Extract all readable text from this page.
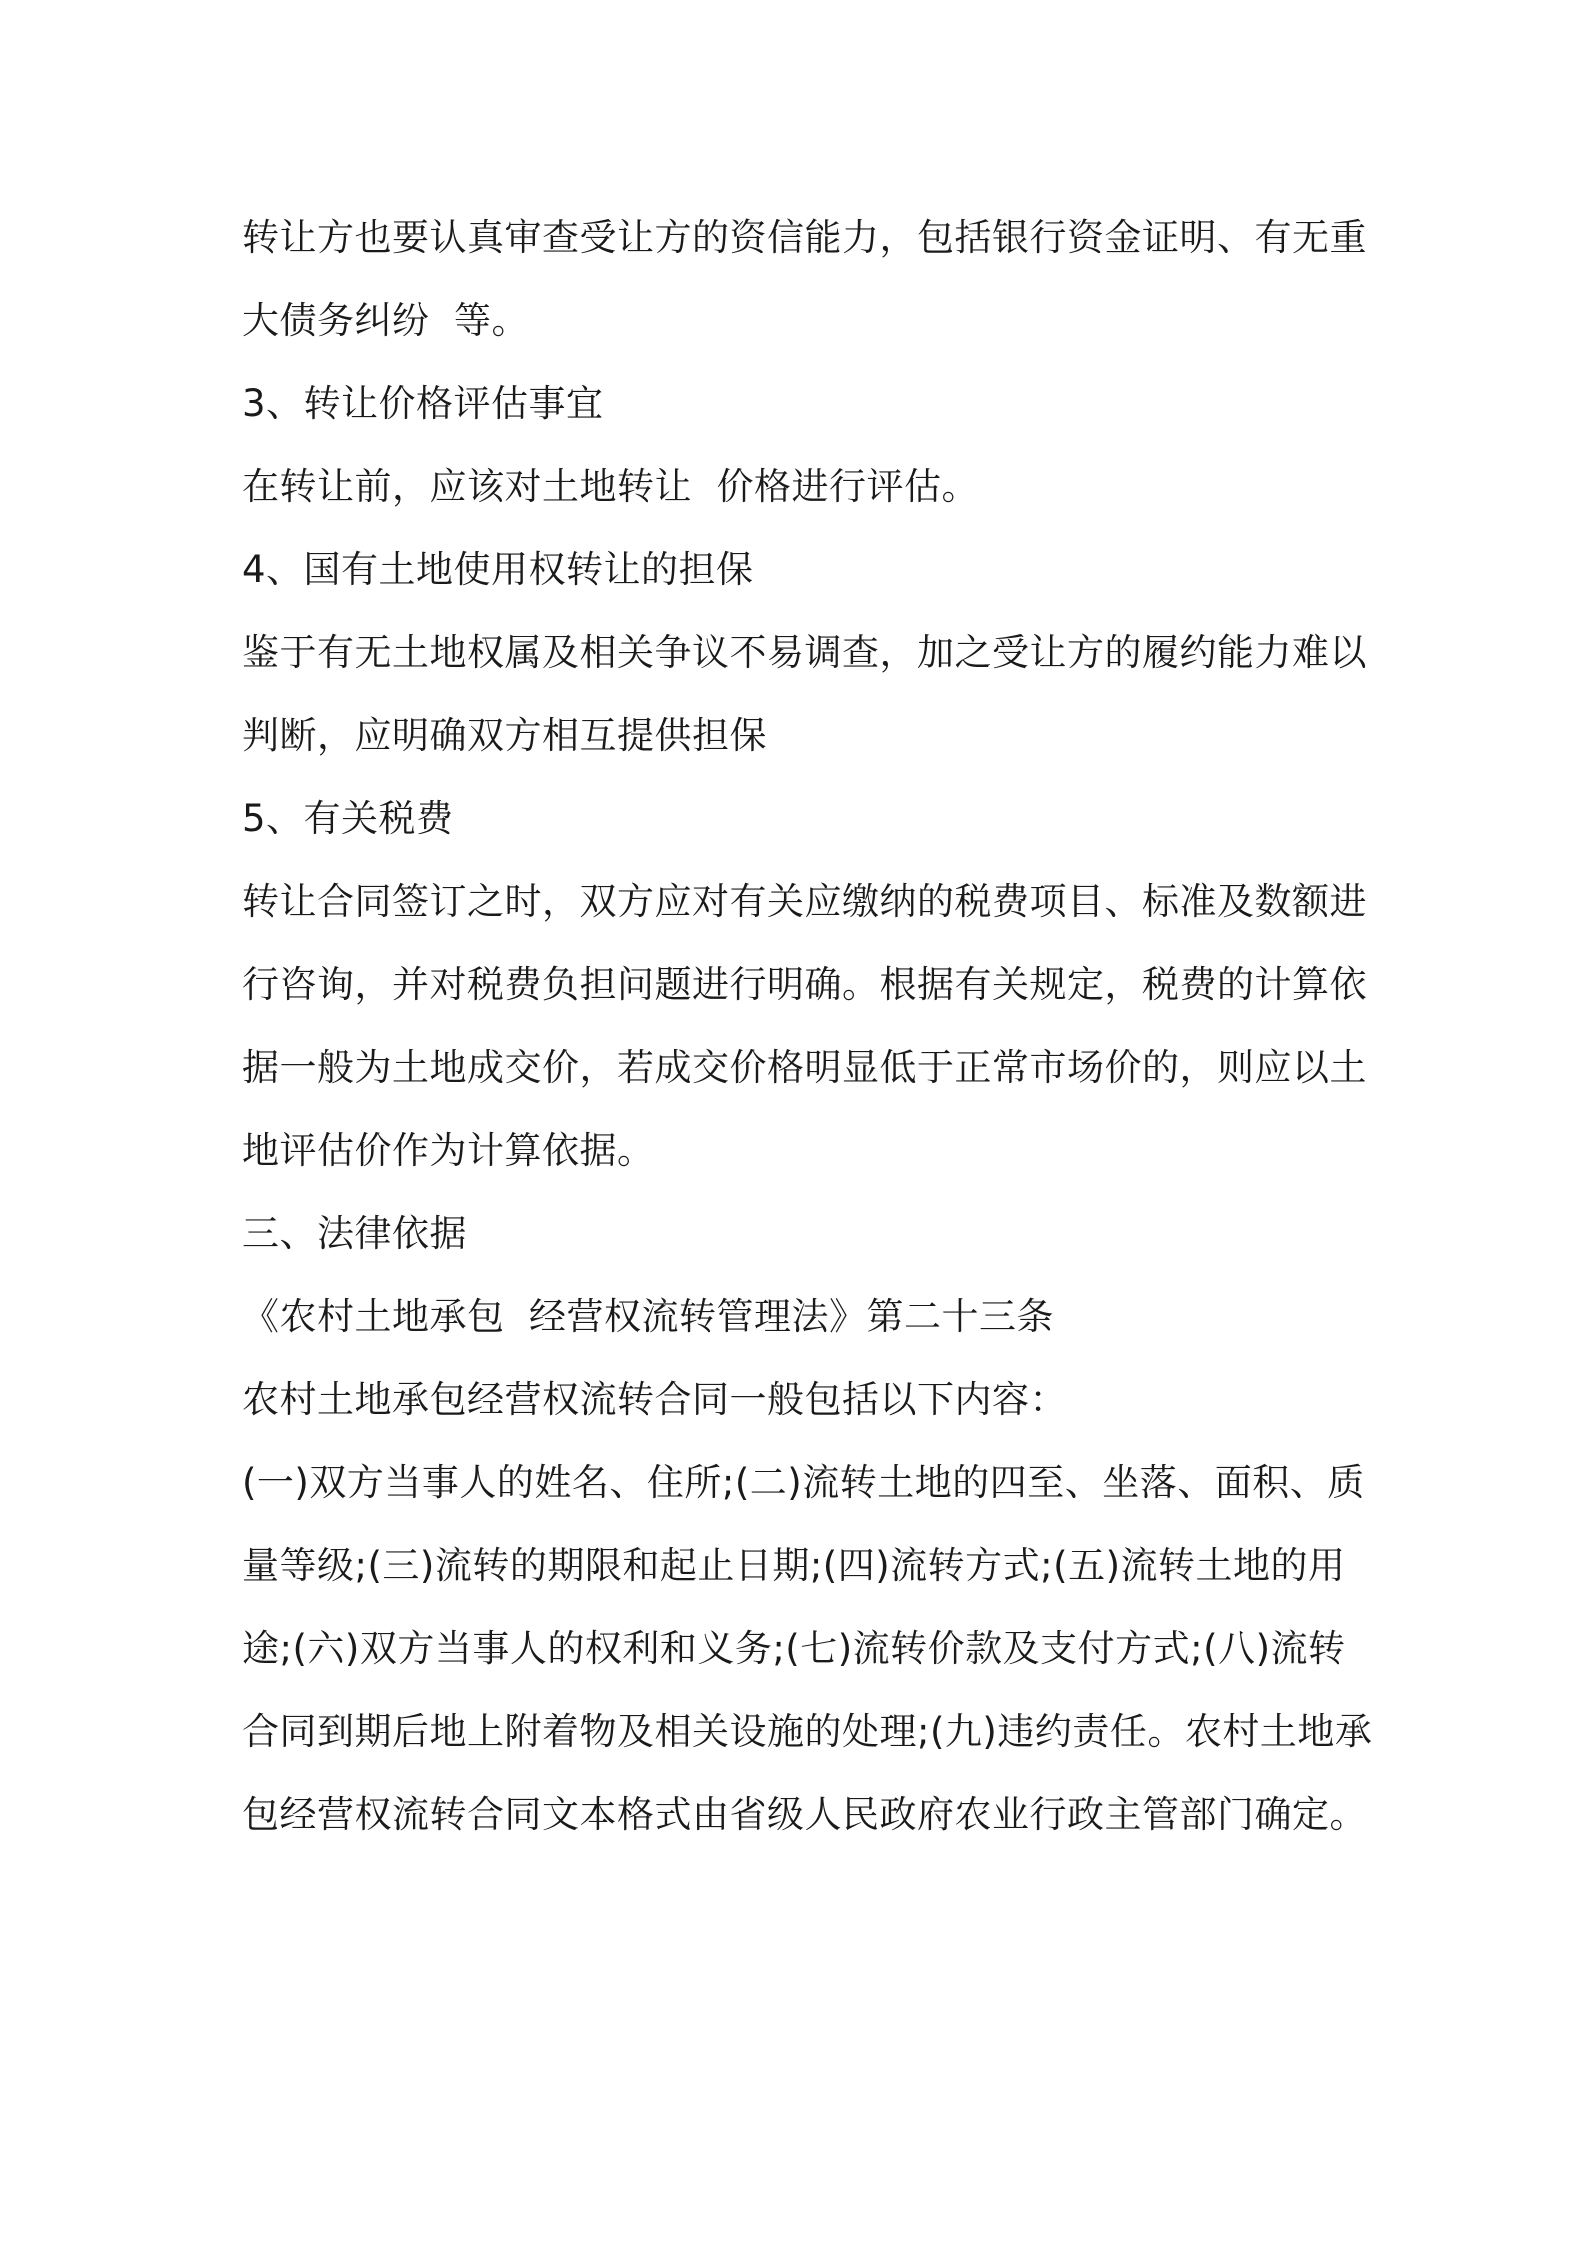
转让方也要认真审查受让方的资信能力，包括银行资金证明、有无重
大债务纠纷  等。
3、转让价格评估事宜
在转让前，应该对土地转让  价格进行评估。
4、国有土地使用权转让的担保
鉴于有无土地权属及相关争议不易调查，加之受让方的履约能力难以
判断，应明确双方相互提供担保
5、有关税费
转让合同签订之时，双方应对有关应缴纳的税费项目、标准及数额进
行咨询，并对税费负担问题进行明确。根据有关规定，税费的计算依
据一般为土地成交价，若成交价格明显低于正常市场价的，则应以土
地评估价作为计算依据。
三、法律依据
《农村土地承包  经营权流转管理法》第二十三条
农村土地承包经营权流转合同一般包括以下内容：
(一)双方当事人的姓名、住所;(二)流转土地的四至、坐落、面积、质
量等级;(三)流转的期限和起止日期;(四)流转方式;(五)流转土地的用
途;(六)双方当事人的权利和义务;(七)流转价款及支付方式;(八)流转
合同到期后地上附着物及相关设施的处理;(九)违约责任。农村土地承
包经营权流转合同文本格式由省级人民政府农业行政主管部门确定。
